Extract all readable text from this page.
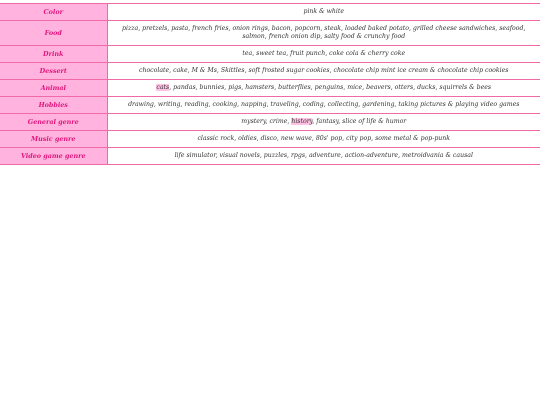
Color	pink & white
Food	pizza, pretzels, pasta, french fries, onion rings, bacon, popcorn, steak, loaded baked potato, grilled cheese sandwiches, seafood, salmon, french onion dip, salty food & crunchy food
Drink	tea, sweet tea, fruit punch, coke cola & cherry coke
Dessert	chocolate, cake, M & Ms, Skittles, soft frosted sugar cookies, chocolate chip mint ice cream & chocolate chip cookies
Animal	cats, pandas, bunnies, pigs, hamsters, butterflies, penguins, mice, beavers, otters, ducks, squirrels & bees
Hobbies	drawing, writing, reading, cooking, napping, traveling, coding, collecting, gardening, taking pictures & playing video games
General genre	mystery, crime, history, fantasy, slice of life & humor
Music genre	classic rock, oldies, disco, new wave, 80s' pop, city pop, some metal & pop-punk
Video game genre	life simulator, visual novels, puzzles, rpgs, adventure, action-adventure, metroidvania & causal
